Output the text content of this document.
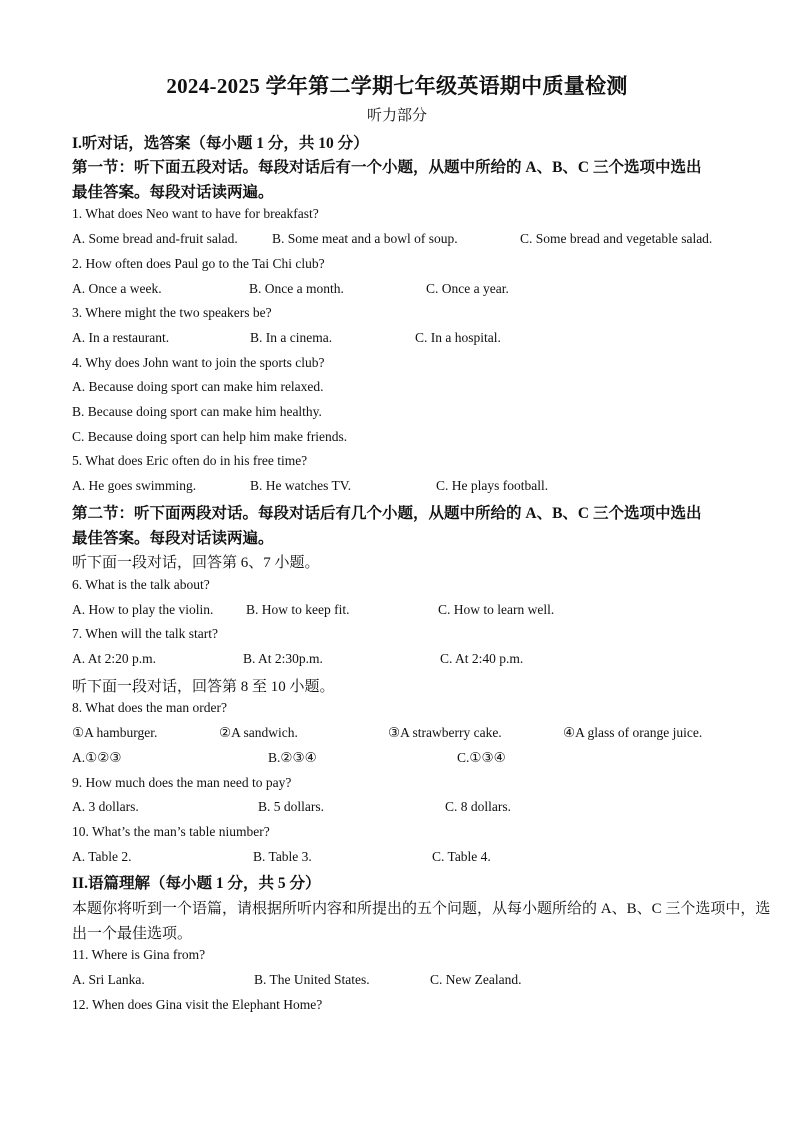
2024-2025 学年第二学期七年级英语期中质量检测
听力部分
I.听对话，选答案（每小题 1 分，共 10 分）
第一节：听下面五段对话。每段对话后有一个小题，从题中所给的 A、B、C 三个选项中选出
最佳答案。每段对话读两遍。
1. What does Neo want to have for breakfast?
A. Some bread and-fruit salad.	B. Some meat and a bowl of soup.	C. Some bread and vegetable salad.
2. How often does Paul go to the Tai Chi club?
A. Once a week.	B. Once a month.	C. Once a year.
3. Where might the two speakers be?
A. In a restaurant.	B. In a cinema.	C. In a hospital.
4. Why does John want to join the sports club?
A. Because doing sport can make him relaxed.
B. Because doing sport can make him healthy.
C. Because doing sport can help him make friends.
5. What does Eric often do in his free time?
A. He goes swimming.	B. He watches TV.	C. He plays football.
第二节：听下面两段对话。每段对话后有几个小题，从题中所给的 A、B、C 三个选项中选出
最佳答案。每段对话读两遍。
听下面一段对话，回答第 6、7 小题。
6. What is the talk about?
A. How to play the violin. B. How to keep fit.	C. How to learn well.
7. When will the talk start?
A. At 2:20 p.m.	B. At 2:30p.m.	C. At 2:40 p.m.
听下面一段对话，回答第 8 至 10 小题。
8. What does the man order?
①A hamburger.	②A sandwich.	③A strawberry cake.	④A glass of orange juice.
A.①②③	B.②③④	C.①③④
9. How much does the man need to pay?
A. 3 dollars.	B. 5 dollars.	C. 8 dollars.
10. What’s the man’s table niumber?
A. Table 2.	B. Table 3.	C. Table 4.
II.语篇理解（每小题 1 分，共 5 分）
本题你将听到一个语篇，请根据所听内容和所提出的五个问题，从每小题所给的 A、B、C 三个选项中，选
出一个最佳选项。
11. Where is Gina from?
A. Sri Lanka.	B. The United States.	C. New Zealand.
12. When does Gina visit the Elephant Home?
